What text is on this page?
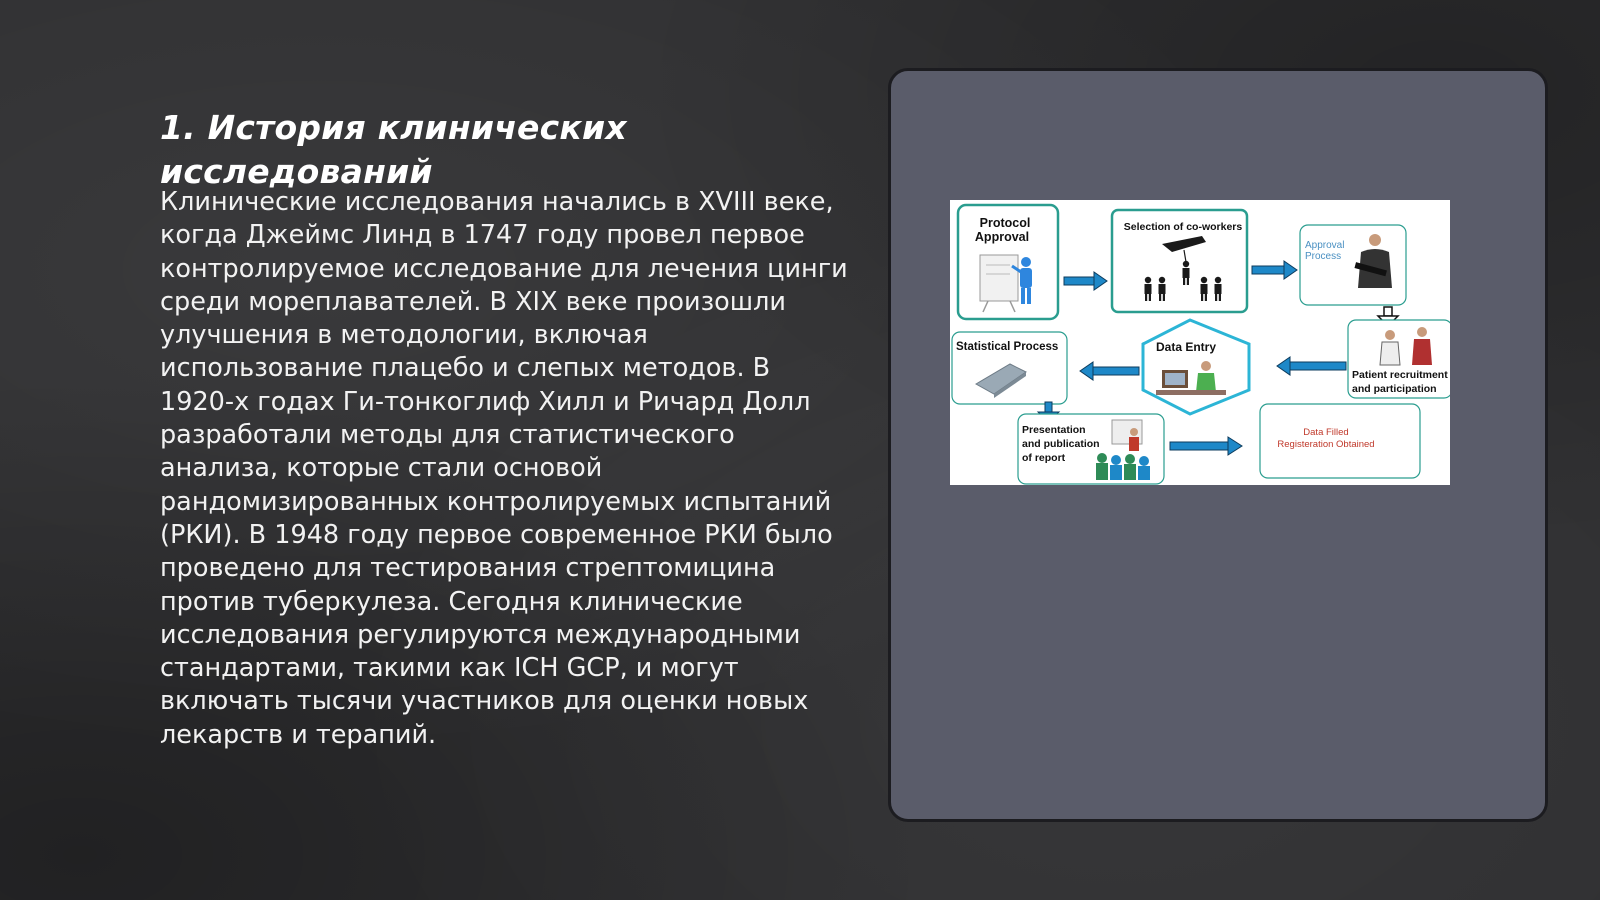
1. История клинических исследований

Клинические исследования начались в XVIII веке, когда Джеймс Линд в 1747 году провел первое контролируемое исследование для лечения цинги среди мореплавателей. В XIX веке произошли улучшения в методологии, включая использование плацебо и слепых методов. В 1920-х годах Ги-тонкоглиф Хилл и Ричард Долл разработали методы для статистического анализа, которые стали основой рандомизированных контролируемых испытаний (РКИ). В 1948 году первое современное РКИ было проведено для тестирования стрептомицина против туберкулеза. Сегодня клинические исследования регулируются международными стандартами, такими как ICH GCP, и могут включать тысячи участников для оценки новых лекарств и терапий.

Protocol
Approval
Selection of co-workers
Approval
Process
Patient recruitment
and participation
Data Entry
Statistical Process
Presentation
and publication
of report
Data Filled
Registeration Obtained
